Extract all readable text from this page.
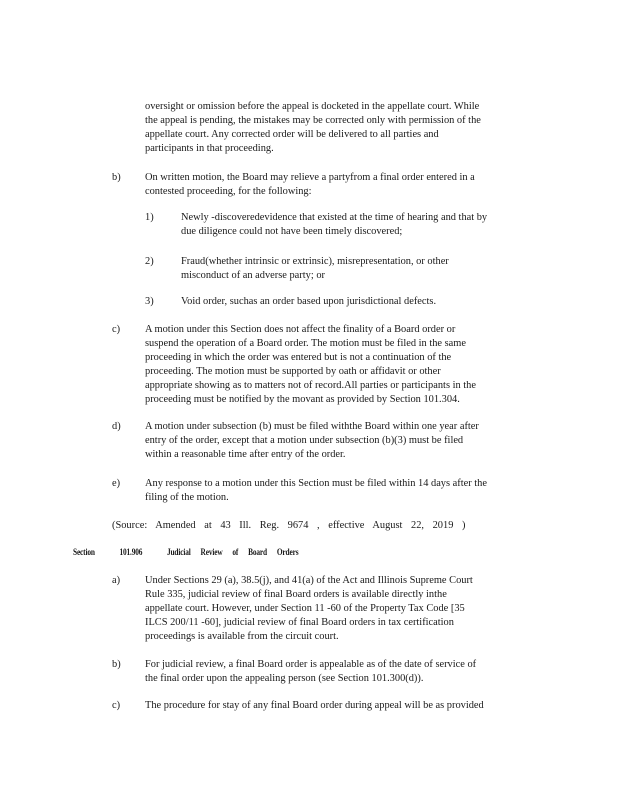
oversight or omission before the appeal is docketed in the appellate court. While
the appeal is pending, the mistakes may be corrected only with permission of the
appellate court. Any corrected order will be delivered to all parties and
participants in that proceeding.

b) On written motion, the Board may relieve a partyfrom a final order entered in a
contested proceeding, for the following:

1)	Newly -discoveredevidence that existed at the time of hearing and that by
due diligence could not have been timely discovered;

2)	Fraud(whether intrinsic or extrinsic), misrepresentation, or other
misconduct of an adverse party; or

3)	Void order, suchas an order based upon jurisdictional defects.

c) A motion under this Section does not affect the finality of a Board order or
suspend the operation of a Board order. The motion must be filed in the same
proceeding in which the order was entered but is not a continuation of the
proceeding. The motion must be supported by oath or affidavit or other
appropriate showing as to matters not of record.All parties or participants in the
proceeding must be notified by the movant as provided by Section 101.304.

d) A motion under subsection (b) must be filed withthe Board within one year after
entry of the order, except that a motion under subsection (b)(3) must be filed
within a reasonable time after entry of the order.

e) Any response to a motion under this Section must be filed within 14 days after the
filing of the motion.

(Source: Amended at 43 Ill. Reg. 9674 , effective August 22, 2019 )

Section	101.906	Judicial Review of Board Orders

a) Under Sections 29 (a), 38.5(j), and 41(a) of the Act and Illinois Supreme Court
Rule 335, judicial review of final Board orders is available directly inthe
appellate court. However, under Section 11 -60 of the Property Tax Code [35
ILCS 200/11 -60], judicial review of final Board orders in tax certification
proceedings is available from the circuit court.

b) For judicial review, a final Board order is appealable as of the date of service of
the final order upon the appealing person (see Section 101.300(d)).

c) The procedure for stay of any final Board order during appeal will be as provided
